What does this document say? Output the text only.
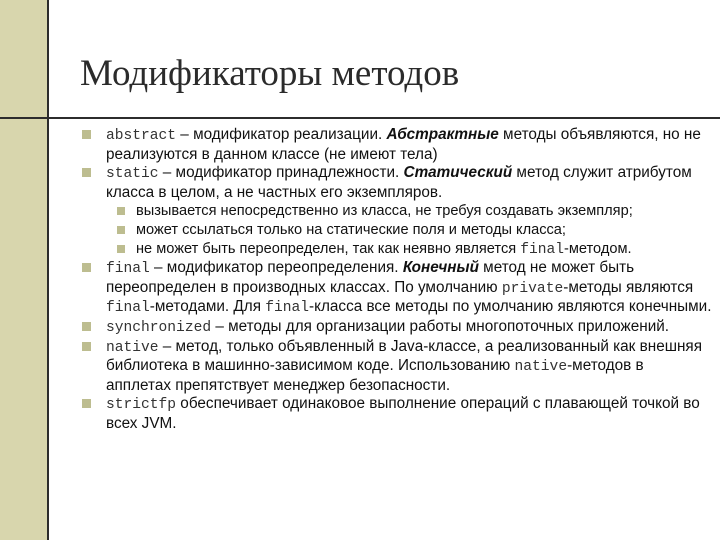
Модификаторы методов
abstract – модификатор реализации. Абстрактные методы объявляются, но не реализуются в данном классе (не имеют тела)
static – модификатор принадлежности. Статический метод служит атрибутом класса в целом, а не частных его экземпляров.
вызывается непосредственно из класса, не требуя создавать экземпляр;
может ссылаться только на статические поля и методы класса;
не может быть переопределен, так как неявно является final-методом.
final – модификатор переопределения. Конечный метод не может быть переопределен в производных классах. По умолчанию private-методы являются final-методами. Для final-класса все методы по умолчанию являются конечными.
synchronized – методы для организации работы многопоточных приложений.
native – метод, только объявленный в Java-классе, а реализованный как внешняя библиотека в машинно-зависимом коде. Использованию native-методов в апплетах препятствует менеджер безопасности.
strictfp обеспечивает одинаковое выполнение операций с плавающей точкой во всех JVM.
